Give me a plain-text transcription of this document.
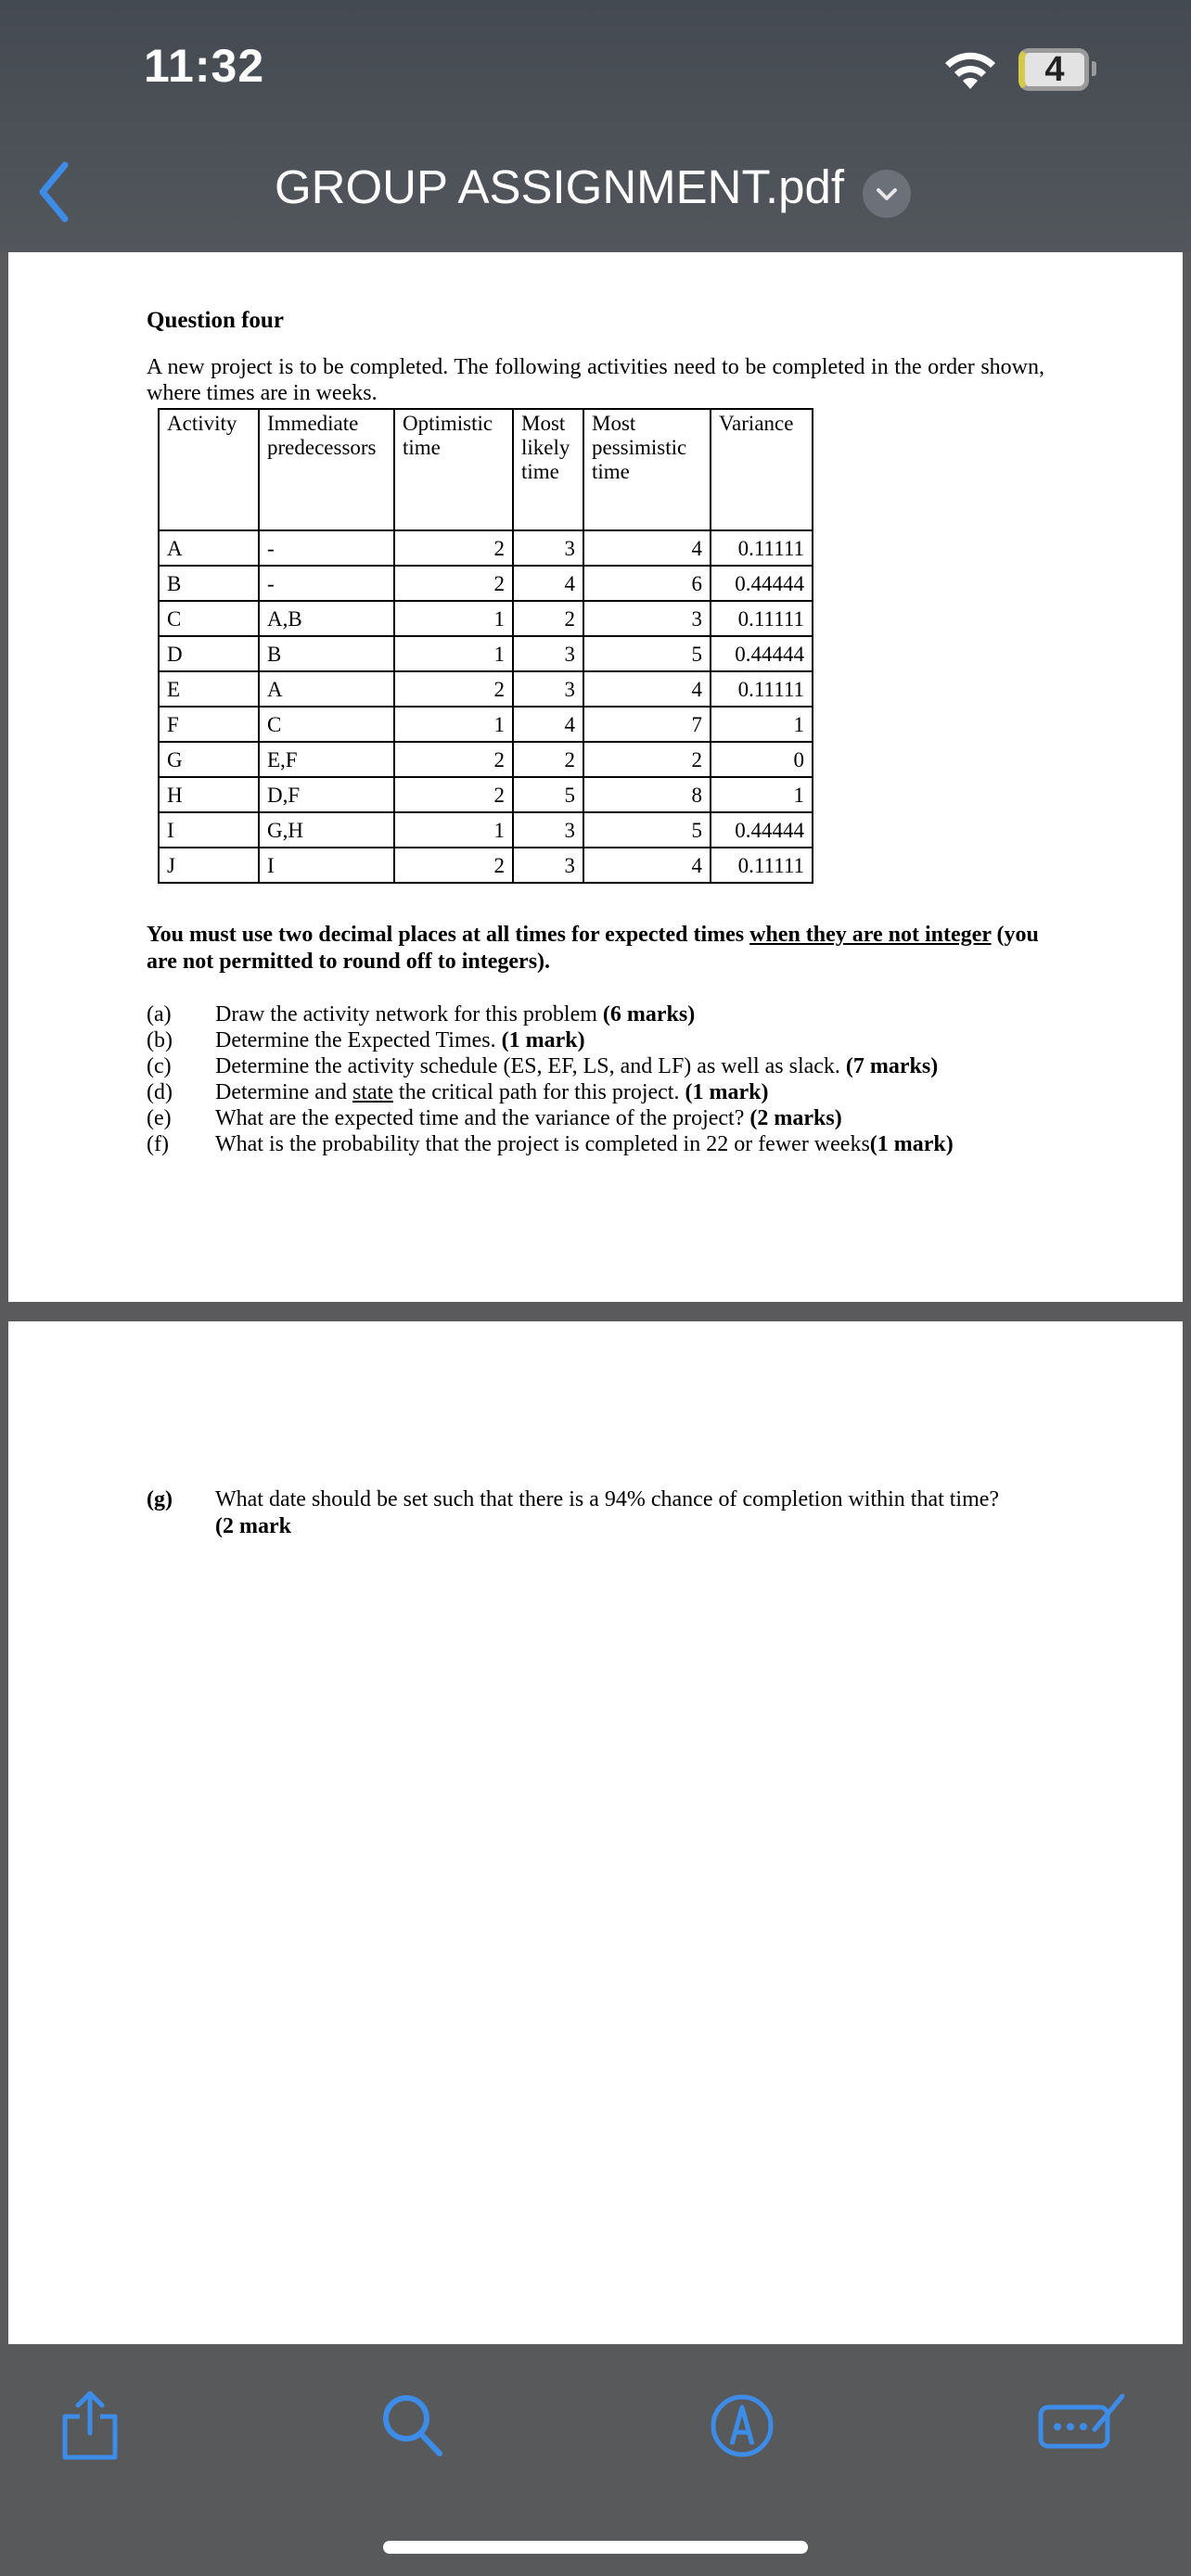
11:32	4
GROUP ASSIGNMENT.pdf
Question four
A new project is to be completed. The following activities need to be completed in the order shown, where times are in weeks.
Activity	Immediate predecessors	Optimistic time	Most likely time	Most pessimistic time	Variance
A	-	2	3	4	0.11111
B	-	2	4	6	0.44444
C	A,B	1	2	3	0.11111
D	B	1	3	5	0.44444
E	A	2	3	4	0.11111
F	C	1	4	7	1
G	E,F	2	2	2	0
H	D,F	2	5	8	1
I	G,H	1	3	5	0.44444
J	I	2	3	4	0.11111
You must use two decimal places at all times for expected times when they are not integer (you are not permitted to round off to integers).
(a)	Draw the activity network for this problem (6 marks)
(b)	Determine the Expected Times. (1 mark)
(c)	Determine the activity schedule (ES, EF, LS, and LF) as well as slack. (7 marks)
(d)	Determine and state the critical path for this project. (1 mark)
(e)	What are the expected time and the variance of the project? (2 marks)
(f)	What is the probability that the project is completed in 22 or fewer weeks(1 mark)
(g)	What date should be set such that there is a 94% chance of completion within that time?
(2 mark
